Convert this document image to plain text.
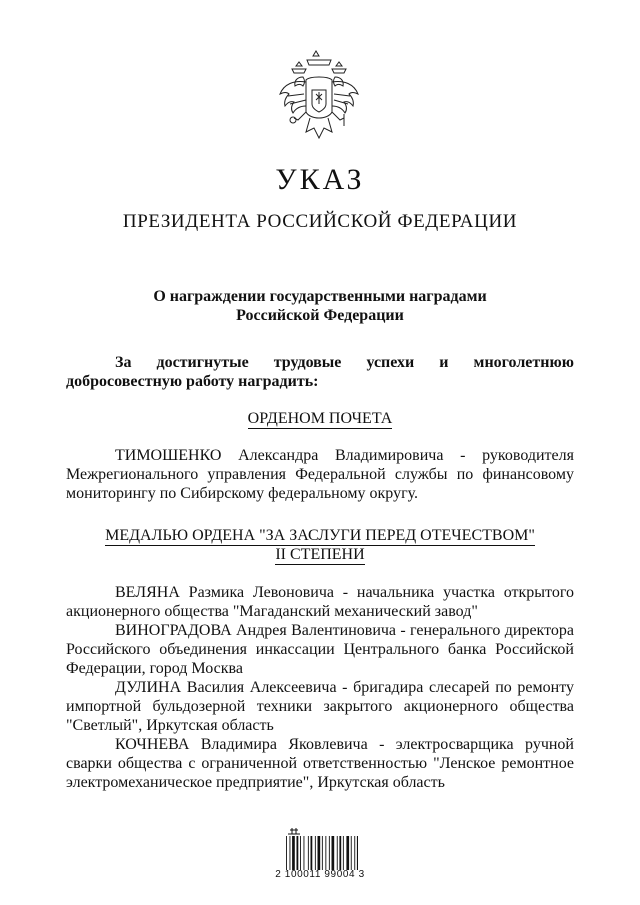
УКАЗ
ПРЕЗИДЕНТА РОССИЙСКОЙ ФЕДЕРАЦИИ
О награждении государственными наградами
Российской Федерации
За достигнутые трудовые успехи и многолетнюю
добросовестную работу наградить:
ОРДЕНОМ ПОЧЕТА

ТИМОШЕНКО Александра Владимировича - руководителя Межрегионального управления Федеральной службы по финансовому мониторингу по Сибирскому федеральному округу.

МЕДАЛЬЮ ОРДЕНА "ЗА ЗАСЛУГИ ПЕРЕД ОТЕЧЕСТВОМ"
II СТЕПЕНИ

ВЕЛЯНА Размика Левоновича - начальника участка открытого акционерного общества "Магаданский механический завод"

ВИНОГРАДОВА Андрея Валентиновича - генерального директора Российского объединения инкассации Центрального банка Российской Федерации, город Москва

ДУЛИНА Василия Алексеевича - бригадира слесарей по ремонту импортной бульдозерной техники закрытого акционерного общества "Светлый", Иркутская область

КОЧНЕВА Владимира Яковлевича - электросварщика ручной сварки общества с ограниченной ответственностью "Ленское ремонтное электромеханическое предприятие", Иркутская область

2 100011 99004 3
